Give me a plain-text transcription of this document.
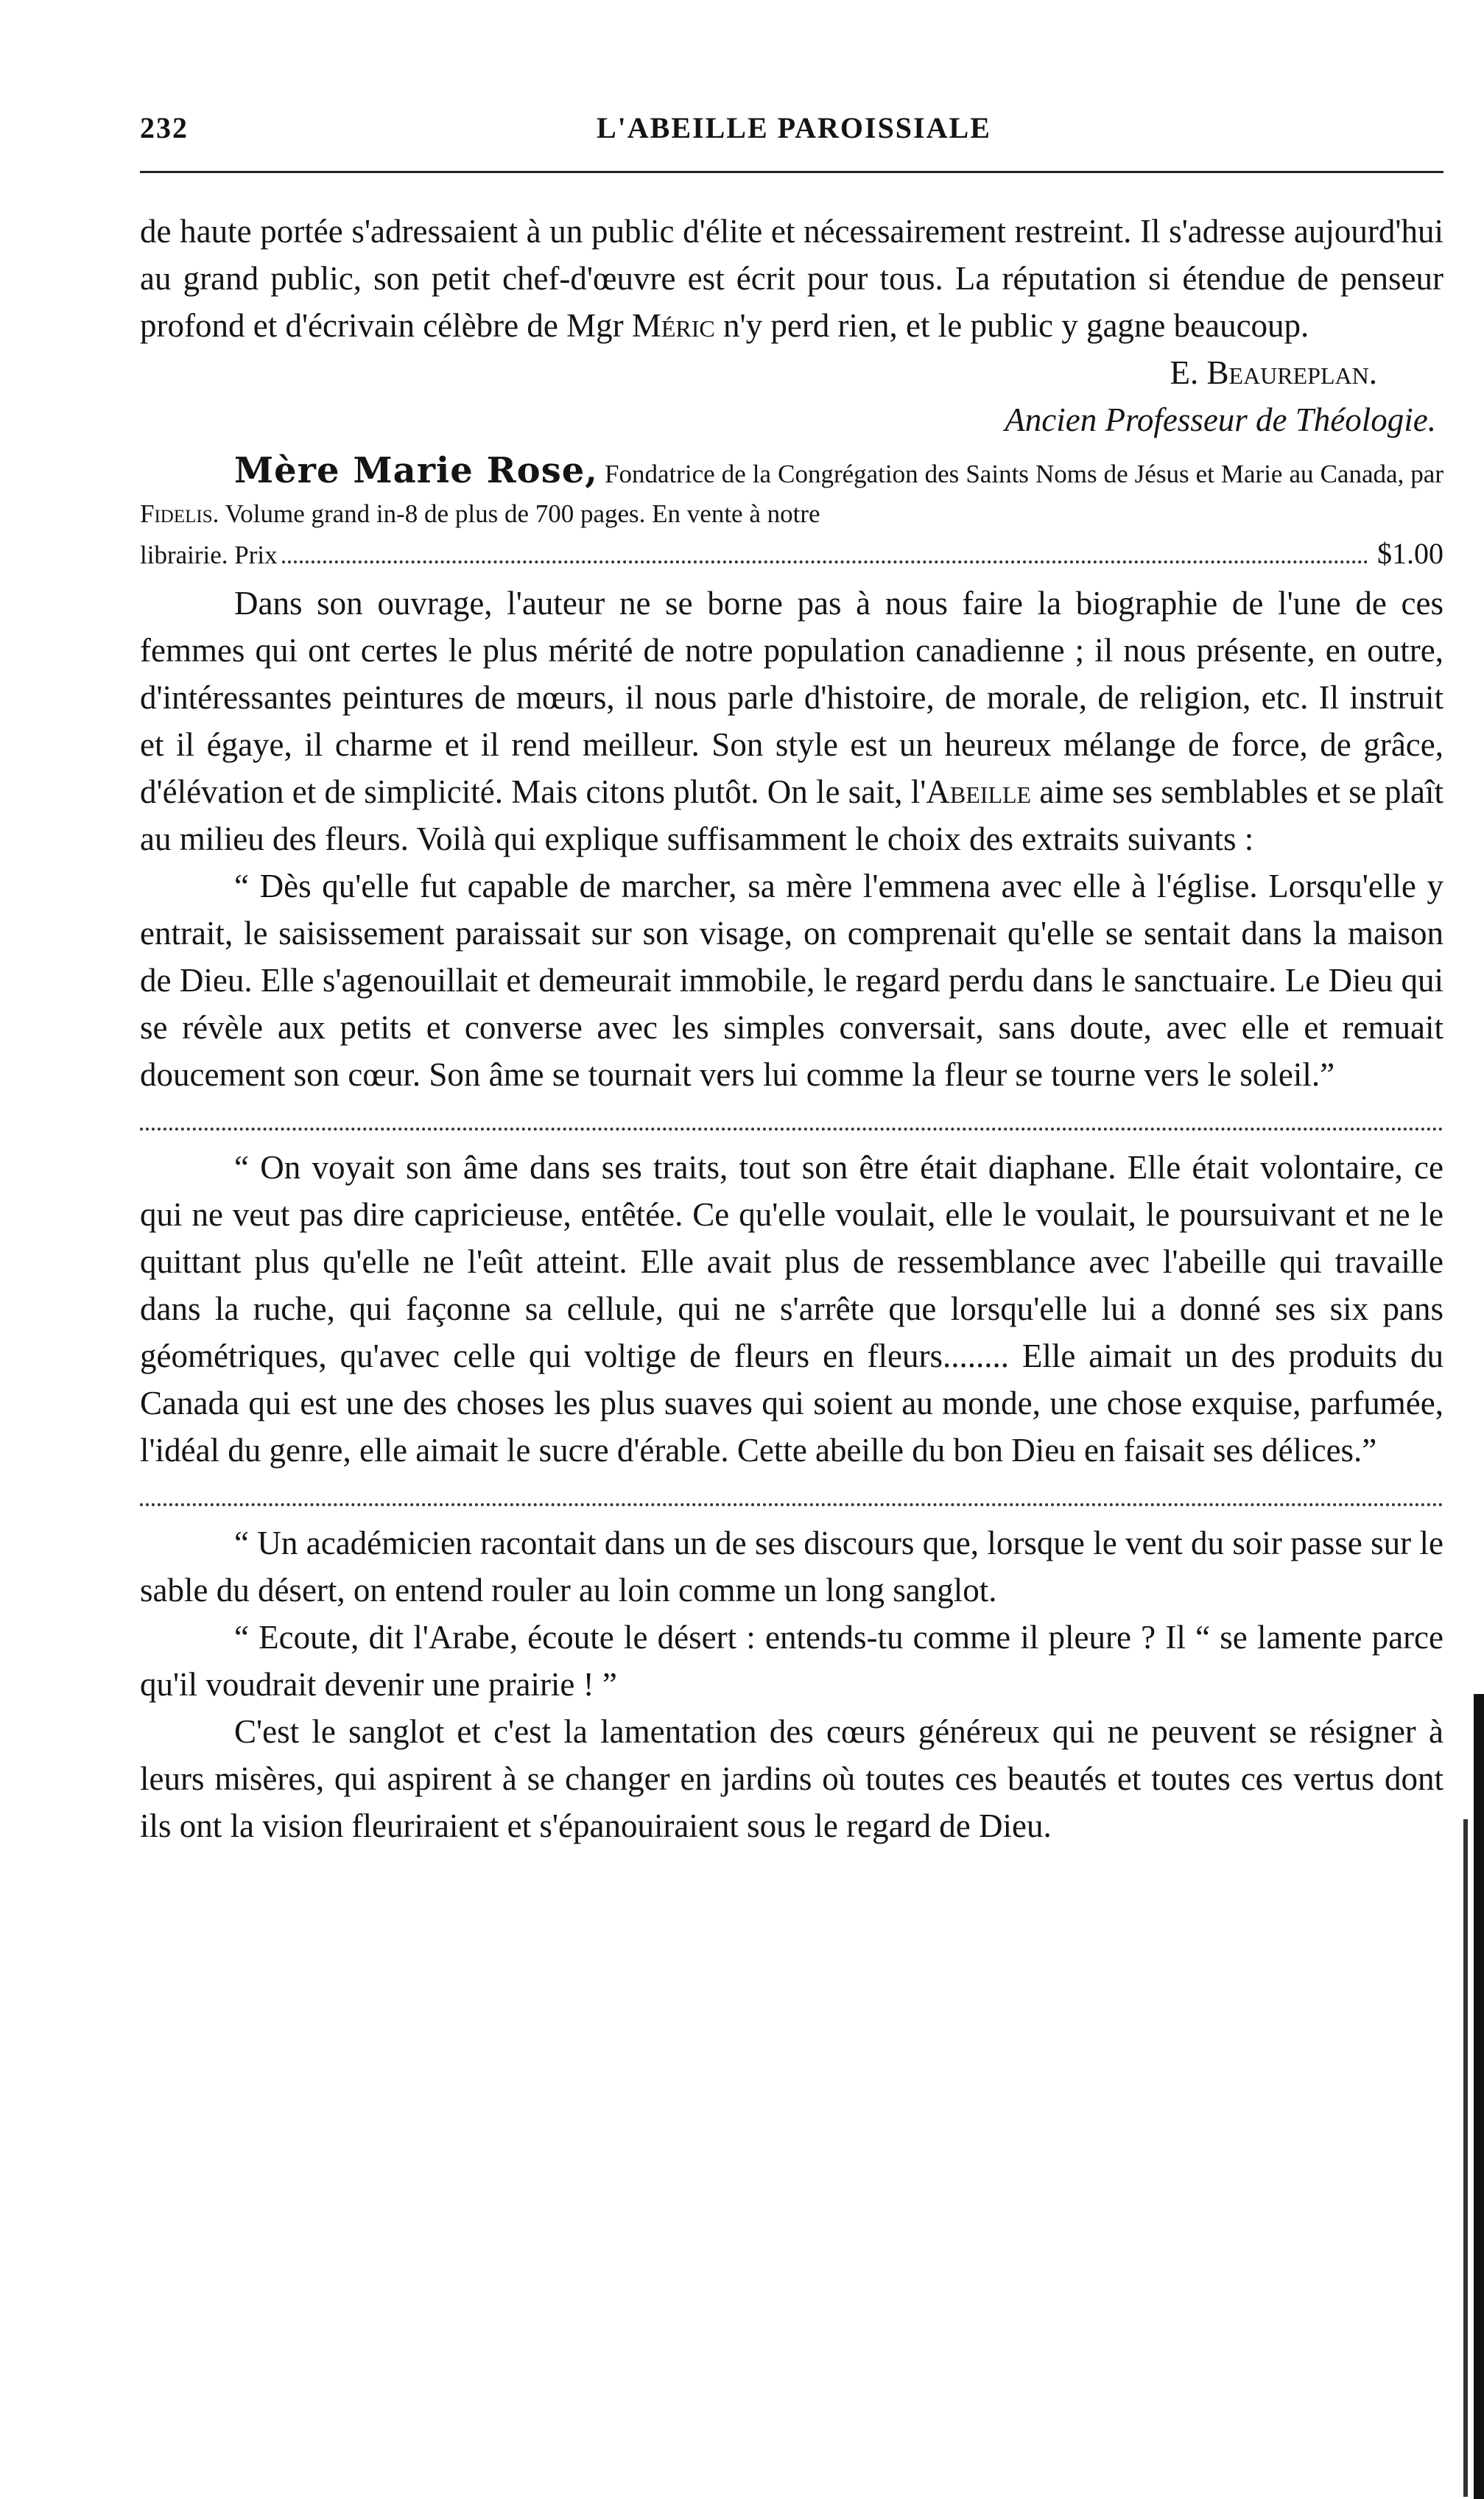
232	L'ABEILLE PAROISSIALE

de haute portée s'adressaient à un public d'élite et nécessairement restreint. Il s'adresse aujourd'hui au grand public, son petit chef-d'œuvre est écrit pour tous. La réputation si étendue de penseur profond et d'écrivain célèbre de Mgr Méric n'y perd rien, et le public y gagne beaucoup.

E. Beaureplan.

Ancien Professeur de Théologie.

Mère Marie Rose, Fondatrice de la Congrégation des Saints Noms de Jésus et Marie au Canada, par Fidelis. Volume grand in-8 de plus de 700 pages. En vente à notre

librairie. Prix	$1.00

Dans son ouvrage, l'auteur ne se borne pas à nous faire la biographie de l'une de ces femmes qui ont certes le plus mérité de notre population canadienne ; il nous présente, en outre, d'intéressantes peintures de mœurs, il nous parle d'histoire, de morale, de religion, etc. Il instruit et il égaye, il charme et il rend meilleur. Son style est un heureux mélange de force, de grâce, d'élévation et de simplicité. Mais citons plutôt. On le sait, l'Abeille aime ses semblables et se plaît au milieu des fleurs. Voilà qui explique suffisamment le choix des extraits suivants :

“ Dès qu'elle fut capable de marcher, sa mère l'emmena avec elle à l'église. Lorsqu'elle y entrait, le saisissement paraissait sur son visage, on comprenait qu'elle se sentait dans la maison de Dieu. Elle s'agenouillait et demeurait immobile, le regard perdu dans le sanctuaire. Le Dieu qui se révèle aux petits et converse avec les simples conversait, sans doute, avec elle et remuait doucement son cœur. Son âme se tournait vers lui comme la fleur se tourne vers le soleil.”

“ On voyait son âme dans ses traits, tout son être était diaphane. Elle était volontaire, ce qui ne veut pas dire capricieuse, entêtée. Ce qu'elle voulait, elle le voulait, le poursuivant et ne le quittant plus qu'elle ne l'eût atteint. Elle avait plus de ressemblance avec l'abeille qui travaille dans la ruche, qui façonne sa cellule, qui ne s'arrête que lorsqu'elle lui a donné ses six pans géométriques, qu'avec celle qui voltige de fleurs en fleurs........ Elle aimait un des produits du Canada qui est une des choses les plus suaves qui soient au monde, une chose exquise, parfumée, l'idéal du genre, elle aimait le sucre d'érable. Cette abeille du bon Dieu en faisait ses délices.”

“ Un académicien racontait dans un de ses discours que, lorsque le vent du soir passe sur le sable du désert, on entend rouler au loin comme un long sanglot.

“ Ecoute, dit l'Arabe, écoute le désert : entends-tu comme il pleure ? Il “ se lamente parce qu'il voudrait devenir une prairie ! ”

C'est le sanglot et c'est la lamentation des cœurs généreux qui ne peuvent se résigner à leurs misères, qui aspirent à se changer en jardins où toutes ces beautés et toutes ces vertus dont ils ont la vision fleuriraient et s'épanouiraient sous le regard de Dieu.
